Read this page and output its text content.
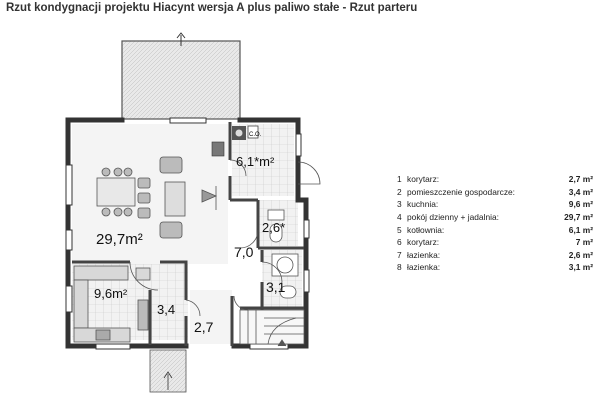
Rzut kondygnacji projektu Hiacynt wersja A plus paliwo stałe - Rzut parteru
C.O.
29,7m²
9,6m²
6,1*m²
2,6*
7,0
3,1
3,4
2,7
1 korytarz:	2,7 m²
2 pomieszczenie gospodarcze:	3,4 m²
3 kuchnia:	9,6 m²
4 pokój dzienny + jadalnia:	29,7 m²
5 kotłownia:	6,1 m²
6 korytarz:	7 m²
7 łazienka:	2,6 m²
8 łazienka:	3,1 m²
